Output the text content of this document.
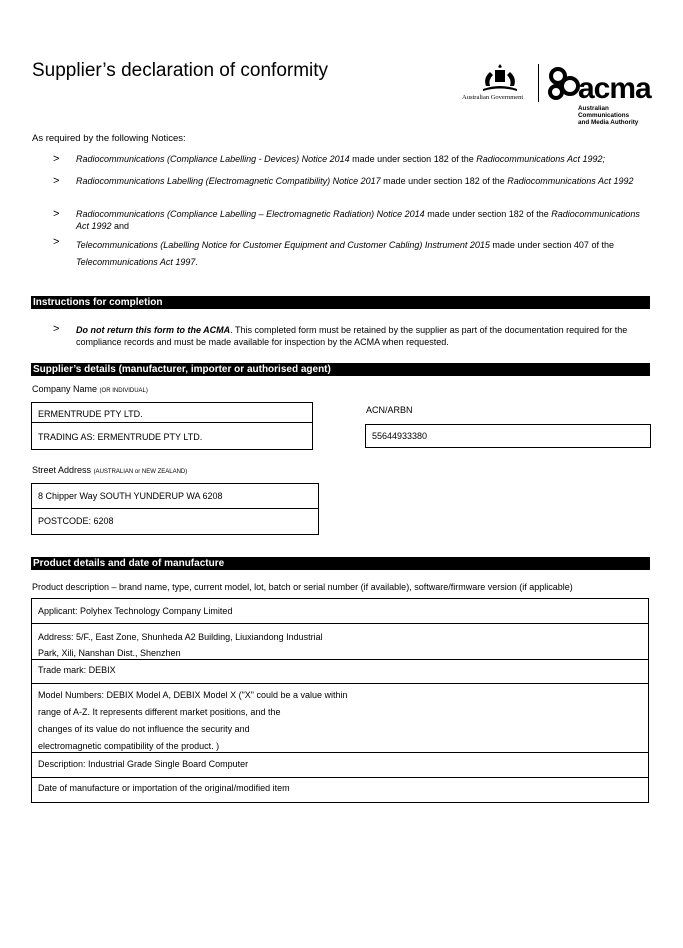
Supplier’s declaration of conformity
Australian Government acma
Australian
Communications
and Media Authority
As required by the following Notices:
> Radiocommunications (Compliance Labelling - Devices) Notice 2014 made under section 182 of the Radiocommunications Act 1992;
> Radiocommunications Labelling (Electromagnetic Compatibility) Notice 2017 made under section 182 of the Radiocommunications Act 1992
> Radiocommunications (Compliance Labelling – Electromagnetic Radiation) Notice 2014 made under section 182 of the Radiocommunications Act 1992 and
> Telecommunications (Labelling Notice for Customer Equipment and Customer Cabling) Instrument 2015 made under section 407 of the Telecommunications Act 1997.
Instructions for completion
> Do not return this form to the ACMA. This completed form must be retained by the supplier as part of the documentation required for the compliance records and must be made available for inspection by the ACMA when requested.
Supplier’s details (manufacturer, importer or authorised agent)
Company Name (OR INDIVIDUAL)
ERMENTRUDE PTY LTD.
TRADING AS: ERMENTRUDE PTY LTD.
ACN/ARBN
55644933380
Street Address (AUSTRALIAN or NEW ZEALAND)
8 Chipper Way SOUTH YUNDERUP WA 6208
POSTCODE: 6208
Product details and date of manufacture
Product description – brand name, type, current model, lot, batch or serial number (if available), software/firmware version (if applicable)
Applicant: Polyhex Technology Company Limited
Address: 5/F., East Zone, Shunheda A2 Building, Liuxiandong Industrial
Park, Xili, Nanshan Dist., Shenzhen
Trade mark: DEBIX
Model Numbers: DEBIX Model A, DEBIX Model X ("X" could be a value within
range of A-Z. It represents different market positions, and the
changes of its value do not influence the security and
electromagnetic compatibility of the product. )
Description: Industrial Grade Single Board Computer
Date of manufacture or importation of the original/modified item
